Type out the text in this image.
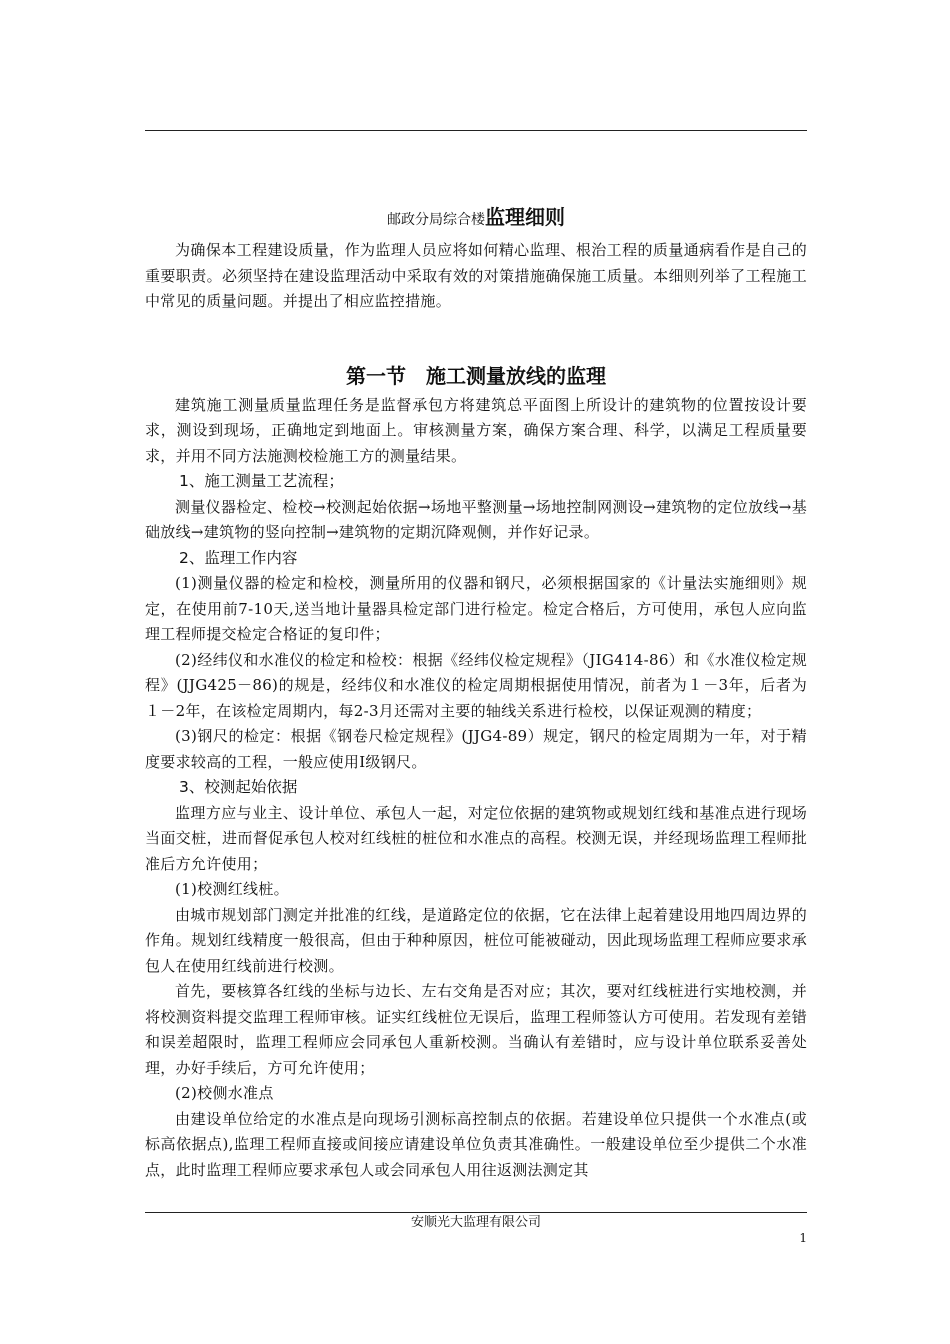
邮政分局综合楼监理细则
为确保本工程建设质量，作为监理人员应将如何精心监理、根治工程的质量通病看作是自己的重要职责。必须坚持在建设监理活动中采取有效的对策措施确保施工质量。本细则列举了工程施工中常见的质量问题。并提出了相应监控措施。
第一节　施工测量放线的监理
建筑施工测量质量监理任务是监督承包方将建筑总平面图上所设计的建筑物的位置按设计要求，测设到现场，正确地定到地面上。审核测量方案，确保方案合理、科学，以满足工程质量要求，并用不同方法施测校检施工方的测量结果。
1、施工测量工艺流程；
测量仪器检定、检校→校测起始依据→场地平整测量→场地控制网测设→建筑物的定位放线→基础放线→建筑物的竖向控制→建筑物的定期沉降观侧，并作好记录。
2、监理工作内容
(1)测量仪器的检定和检校，测量所用的仪器和钢尺，必须根据国家的《计量法实施细则》规定，在使用前7-10天,送当地计量器具检定部门进行检定。检定合格后，方可使用，承包人应向监理工程师提交检定合格证的复印件；
(2)经纬仪和水准仪的检定和检校：根据《经纬仪检定规程》（JIG414-86）和《水准仪检定规程》(JJG425－86)的规是，经纬仪和水准仪的检定周期根据使用情况，前者为１－3年，后者为１－2年，在该检定周期内，每2-3月还需对主要的轴线关系进行检校，以保证观测的精度；
(3)钢尺的检定：根据《钢卷尺检定规程》(JJG4-89）规定，钢尺的检定周期为一年，对于精度要求较高的工程，一般应使用I级钢尺。
3、校测起始依据
监理方应与业主、设计单位、承包人一起，对定位依据的建筑物或规划红线和基准点进行现场当面交桩，进而督促承包人校对红线桩的桩位和水准点的高程。校测无误，并经现场监理工程师批准后方允许使用；
(1)校测红线桩。
由城市规划部门测定并批准的红线，是道路定位的依据，它在法律上起着建设用地四周边界的作角。规划红线精度一般很高，但由于种种原因，桩位可能被碰动，因此现场监理工程师应要求承包人在使用红线前进行校测。
首先，要核算各红线的坐标与边长、左右交角是否对应；其次，要对红线桩进行实地校测，并将校测资料提交监理工程师审核。证实红线桩位无误后，监理工程师签认方可使用。若发现有差错和误差超限时，监理工程师应会同承包人重新校测。当确认有差错时，应与设计单位联系妥善处理，办好手续后，方可允许使用；
(2)校侧水准点
由建设单位给定的水准点是向现场引测标高控制点的依据。若建设单位只提供一个水准点(或标高依据点),监理工程师直接或间接应请建设单位负责其准确性。一般建设单位至少提供二个水准点，此时监理工程师应要求承包人或会同承包人用往返测法测定其
安顺光大监理有限公司
1
